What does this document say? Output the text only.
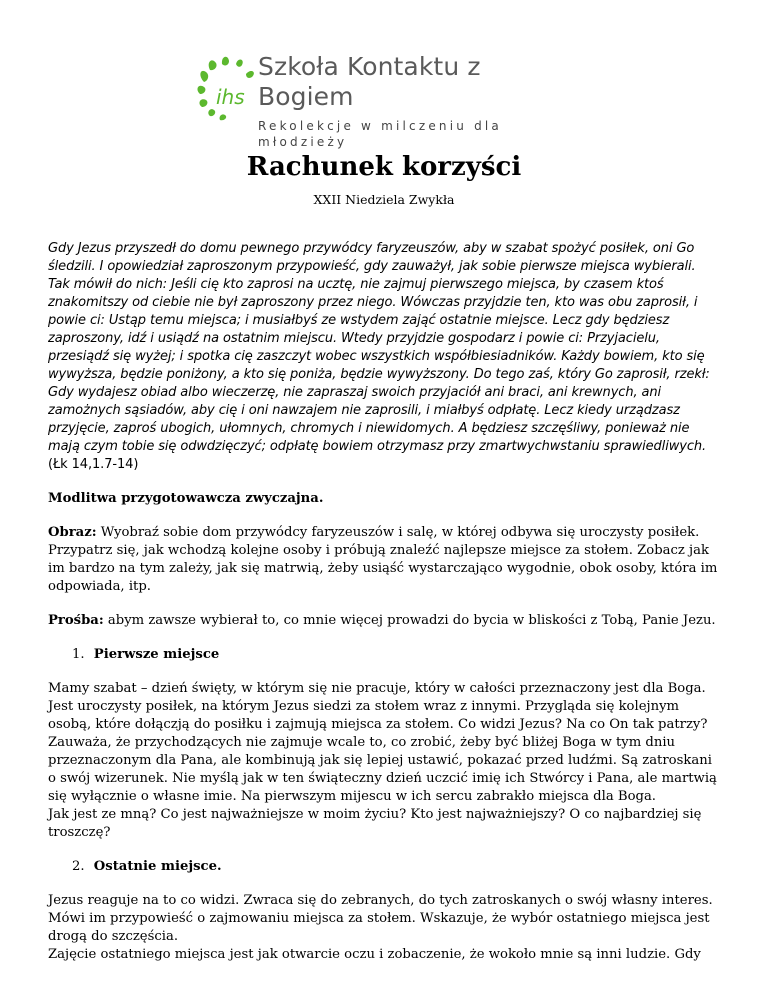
ihs
Szkoła Kontaktu z Bogiem
Rekolekcje w milczeniu dla młodzieży
Rachunek korzyści
XXII Niedziela Zwykła

Gdy Jezus przyszedł do domu pewnego przywódcy faryzeuszów, aby w szabat spożyć posiłek, oni Go śledzili. I opowiedział zaproszonym przypowieść, gdy zauważył, jak sobie pierwsze miejsca wybierali. Tak mówił do nich: Jeśli cię kto zaprosi na ucztę, nie zajmuj pierwszego miejsca, by czasem ktoś znakomitszy od ciebie nie był zaproszony przez niego. Wówczas przyjdzie ten, kto was obu zaprosił, i powie ci: Ustąp temu miejsca; i musiałbyś ze wstydem zająć ostatnie miejsce. Lecz gdy będziesz zaproszony, idź i usiądź na ostatnim miejscu. Wtedy przyjdzie gospodarz i powie ci: Przyjacielu, przesiądź się wyżej; i spotka cię zaszczyt wobec wszystkich współbiesiadników. Każdy bowiem, kto się wywyższa, będzie poniżony, a kto się poniża, będzie wywyższony. Do tego zaś, który Go zaprosił, rzekł: Gdy wydajesz obiad albo wieczerzę, nie zapraszaj swoich przyjaciół ani braci, ani krewnych, ani zamożnych sąsiadów, aby cię i oni nawzajem nie zaprosili, i miałbyś odpłatę. Lecz kiedy urządzasz przyjęcie, zaproś ubogich, ułomnych, chromych i niewidomych. A będziesz szczęśliwy, ponieważ nie mają czym tobie się odwdzięczyć; odpłatę bowiem otrzymasz przy zmartwychwstaniu sprawiedliwych. (Łk 14,1.7-14)

Modlitwa przygotowawcza zwyczajna.

Obraz: Wyobraź sobie dom przywódcy faryzeuszów i salę, w której odbywa się uroczysty posiłek. Przypatrz się, jak wchodzą kolejne osoby i próbują znaleźć najlepsze miejsce za stołem. Zobacz jak im bardzo na tym zależy, jak się matrwią, żeby usiąść wystarczająco wygodnie, obok osoby, która im odpowiada, itp.

Prośba: abym zawsze wybierał to, co mnie więcej prowadzi do bycia w bliskości z Tobą, Panie Jezu.

1. Pierwsze miejsce

Mamy szabat – dzień święty, w którym się nie pracuje, który w całości przeznaczony jest dla Boga. Jest uroczysty posiłek, na którym Jezus siedzi za stołem wraz z innymi. Przygląda się kolejnym osobą, które dołączją do posiłku i zajmują miejsca za stołem. Co widzi Jezus? Na co On tak patrzy? Zauważa, że przychodzących nie zajmuje wcale to, co zrobić, żeby być bliżej Boga w tym dniu przeznaczonym dla Pana, ale kombinują jak się lepiej ustawić, pokazać przed ludźmi. Są zatroskani o swój wizerunek. Nie myślą jak w ten świąteczny dzień uczcić imię ich Stwórcy i Pana, ale martwią się wyłącznie o własne imie. Na pierwszym mijescu w ich sercu zabrakło miejsca dla Boga.
Jak jest ze mną? Co jest najważniejsze w moim życiu? Kto jest najważniejszy? O co najbardziej się troszczę?

2. Ostatnie miejsce.

Jezus reaguje na to co widzi. Zwraca się do zebranych, do tych zatroskanych o swój własny interes. Mówi im przypowieść o zajmowaniu miejsca za stołem. Wskazuje, że wybór ostatniego miejsca jest drogą do szczęścia.
Zajęcie ostatniego miejsca jest jak otwarcie oczu i zobaczenie, że wokoło mnie są inni ludzie. Gdy
